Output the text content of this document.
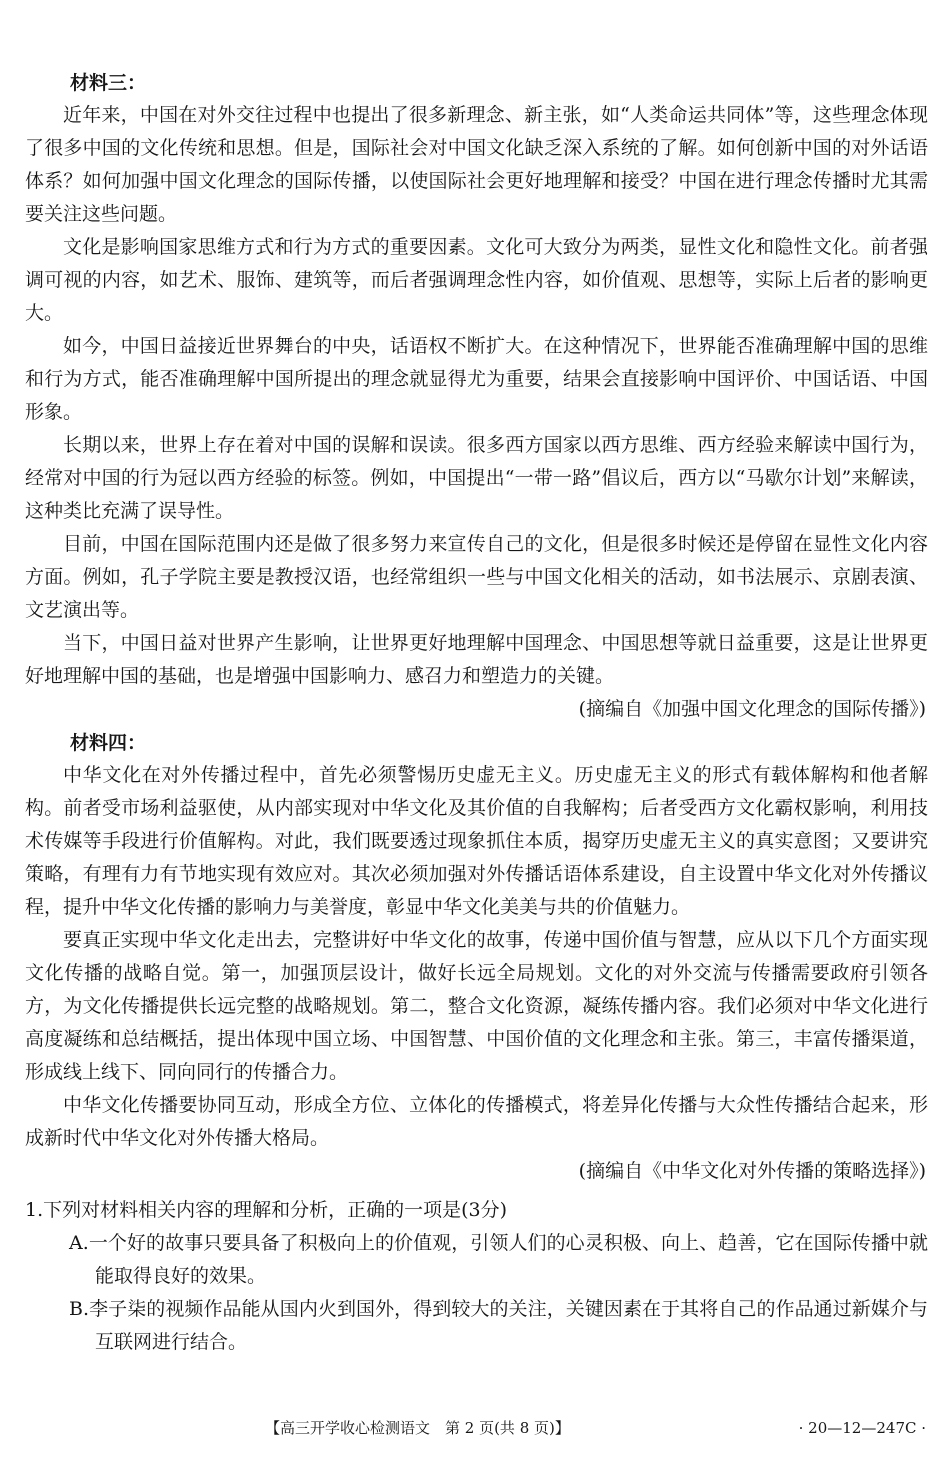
材料三：

近年来，中国在对外交往过程中也提出了很多新理念、新主张，如“人类命运共同体”等，这些理念体现了很多中国的文化传统和思想。但是，国际社会对中国文化缺乏深入系统的了解。如何创新中国的对外话语体系？如何加强中国文化理念的国际传播，以使国际社会更好地理解和接受？中国在进行理念传播时尤其需要关注这些问题。

文化是影响国家思维方式和行为方式的重要因素。文化可大致分为两类，显性文化和隐性文化。前者强调可视的内容，如艺术、服饰、建筑等，而后者强调理念性内容，如价值观、思想等，实际上后者的影响更大。

如今，中国日益接近世界舞台的中央，话语权不断扩大。在这种情况下，世界能否准确理解中国的思维和行为方式，能否准确理解中国所提出的理念就显得尤为重要，结果会直接影响中国评价、中国话语、中国形象。

长期以来，世界上存在着对中国的误解和误读。很多西方国家以西方思维、西方经验来解读中国行为，经常对中国的行为冠以西方经验的标签。例如，中国提出“一带一路”倡议后，西方以“马歇尔计划”来解读，这种类比充满了误导性。

目前，中国在国际范围内还是做了很多努力来宣传自己的文化，但是很多时候还是停留在显性文化内容方面。例如，孔子学院主要是教授汉语，也经常组织一些与中国文化相关的活动，如书法展示、京剧表演、文艺演出等。

当下，中国日益对世界产生影响，让世界更好地理解中国理念、中国思想等就日益重要，这是让世界更好地理解中国的基础，也是增强中国影响力、感召力和塑造力的关键。

(摘编自《加强中国文化理念的国际传播》)

材料四：

中华文化在对外传播过程中，首先必须警惕历史虚无主义。历史虚无主义的形式有载体解构和他者解构。前者受市场利益驱使，从内部实现对中华文化及其价值的自我解构；后者受西方文化霸权影响，利用技术传媒等手段进行价值解构。对此，我们既要透过现象抓住本质，揭穿历史虚无主义的真实意图；又要讲究策略，有理有力有节地实现有效应对。其次必须加强对外传播话语体系建设，自主设置中华文化对外传播议程，提升中华文化传播的影响力与美誉度，彰显中华文化美美与共的价值魅力。

要真正实现中华文化走出去，完整讲好中华文化的故事，传递中国价值与智慧，应从以下几个方面实现文化传播的战略自觉。第一，加强顶层设计，做好长远全局规划。文化的对外交流与传播需要政府引领各方，为文化传播提供长远完整的战略规划。第二，整合文化资源，凝练传播内容。我们必须对中华文化进行高度凝练和总结概括，提出体现中国立场、中国智慧、中国价值的文化理念和主张。第三，丰富传播渠道，形成线上线下、同向同行的传播合力。

中华文化传播要协同互动，形成全方位、立体化的传播模式，将差异化传播与大众性传播结合起来，形成新时代中华文化对外传播大格局。

(摘编自《中华文化对外传播的策略选择》)

1.下列对材料相关内容的理解和分析，正确的一项是(3分)

A.一个好的故事只要具备了积极向上的价值观，引领人们的心灵积极、向上、趋善，它在国际传播中就能取得良好的效果。

B.李子柒的视频作品能从国内火到国外，得到较大的关注，关键因素在于其将自己的作品通过新媒介与互联网进行结合。

【高三开学收心检测语文　第 2 页(共 8 页)】	· 20—12—247C ·
